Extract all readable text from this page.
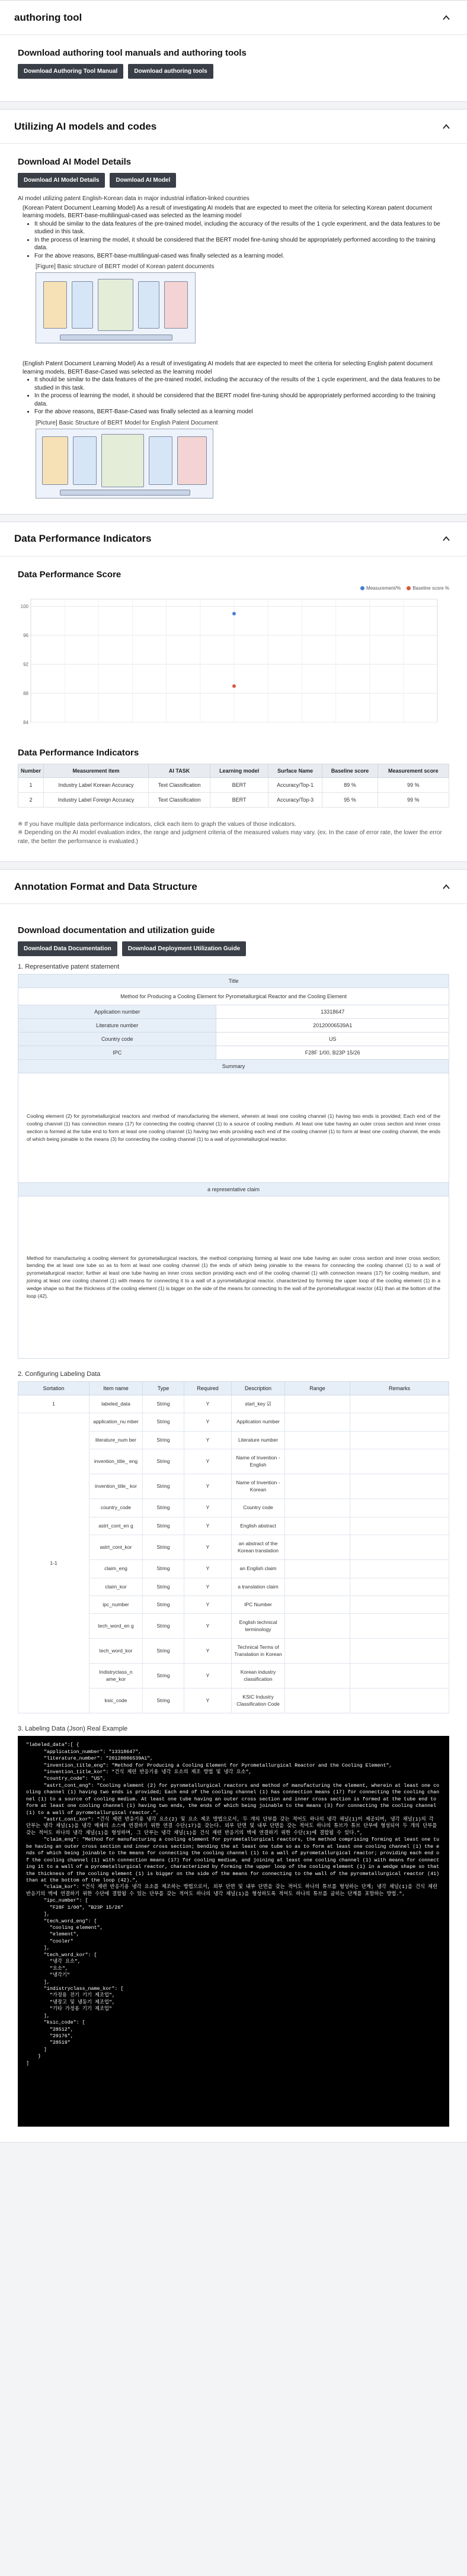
authoring tool
Download authoring tool manuals and authoring tools
Download Authoring Tool Manual	Download authoring tools
Utilizing AI models and codes
Download AI Model Details
Download AI Model Details	Download AI Model

AI model utilizing patent English-Korean data in major industrial inflation-linked countries

(Korean Patent Document Learning Model) As a result of investigating AI models that are expected to meet the criteria for selecting Korean patent document learning models, BERT-base-multilingual-cased was selected as the learning model
• It should be similar to the data features of the pre-trained model, including the accuracy of the results of the 1 cycle experiment, and the data features to be studied in this task.
• In the process of learning the model, it should be considered that the BERT model fine-tuning should be appropriately performed according to the training data.
• For the above reasons, BERT-base-multilingual-cased was finally selected as a learning model.

[Figure] Basic structure of BERT model of Korean patent documents

(English Patent Document Learning Model) As a result of investigating AI models that are expected to meet the criteria for selecting English patent document learning models, BERT-Base-Cased was selected as the learning model
• It should be similar to the data features of the pre-trained model, including the accuracy of the results of the 1 cycle experiment, and the data features to be studied in this task.
• In the process of learning the model, it should be considered that the BERT model fine-tuning should be appropriately performed according to the training data.
• For the above reasons, BERT-Base-Cased was finally selected as a learning model

[Picture] Basic Structure of BERT Model for English Patent Document

Data Performance Indicators
Data Performance Score
Measurement/%	Baseline score %
100
96
92
88
84
Data Performance Indicators
Number	Measurement item	AI TASK	Learning model	Surface Name	Baseline score	Measurement score
1	Industry Label Korean Accuracy	Text Classification	BERT	Accuracy/Top-1	89 %	99 %
2	Industry Label Foreign Accuracy	Text Classification	BERT	Accuracy/Top-3	95 %	99 %

※ If you have multiple data performance indicators, click each item to graph the values of those indicators.

※ Depending on the AI model evaluation index, the range and judgment criteria of the measured values may vary. (ex. In the case of error rate, the lower the error rate, the better the performance is evaluated.)

Annotation Format and Data Structure
Download documentation and utilization guide
Download Data Documentation	Download Deployment Utilization Guide

1. Representative patent statement

Title	
Method for Producing a Cooling Element for Pyrometallurgical Reactor and the Cooling Element	
Application number	13318647
Literature number	20120006539A1
Country code	US
IPC	F28F 1/00, B23P 15/26
Summary	
Cooling element (2) for pyrometallurgical reactors and method of manufacturing the element, wherein at least one cooling channel (1) having two ends is provided; Each end of the cooling channel (1) has connection means (17) for connecting the cooling channel (1) to a source of cooling medium. At least one tube having an outer cross section and inner cross section is formed at the tube end to form at least one cooling channel (1) having two ends providing each end of the cooling channel (1) to form at least one cooling channel, the ends of which being joinable to the means (3) for connecting the cooling channel (1) to a wall of pyrometallurgical reactor.	
a representative claim	
Method for manufacturing a cooling element for pyrometallurgical reactors, the method comprising forming at least one tube having an outer cross section and inner cross section; bending the at least one tube so as to form at least one cooling channel (1) the ends of which being joinable to the means for connecting the cooling channel (1) to a wall of pyrometallurgical reactor; further at least one tube having an inner cross section providing each end of the cooling channel (1) with connection means (17) for cooling medium, and joining at least one cooling channel (1) with means for connecting it to a wall of a pyrometallurgical reactor, characterized by forming the upper loop of the cooling element (1) in a wedge shape so that the thickness of the cooling element (1) is bigger on the side of the means for connecting to the wall of the pyrometallurgical reactor (41) than at the bottom of the loop (42).	

2. Configuring Labeling Data

Sortation	Item name	Type	Required	Description	Range	Remarks
1	labeled_data	String	Y	start_key ☑		
1-1	application_nu mber	String	Y	Application number		
	literature_num ber	String	Y	Literature number		
	invention_title_ eng	String	Y	Name of Invention - English		
	invention_title_ kor	String	Y	Name of Invention - Korean		
	country_code	String	Y	Country code		
	astrt_cont_en g	String	Y	English abstract		
	astrt_cont_kor	String	Y	an abstract of the Korean translation		
	claim_eng	String	Y	an English claim		
	claim_kor	String	Y	a translation claim		
	ipc_number	String	Y	IPC Number		
	tech_word_en g	String	Y	English technical terminology		
	tech_word_kor	String	Y	Technical Terms of Translation in Korean		
	Indistryclass_n ame_kor	String	Y	Korean industry classification		
	ksic_code	String	Y	KSIC Industry Classification Code		

3. Labeling Data (Json) Real Example

"labeled_data":[ {
"application_number": "13318647",
"literature_number": "20120006539A1",
"invention_title_eng": "Method for Producing a Cooling Element for Pyrometallurgical Reactor and the Cooling Element",
"invention_title_kor": "건식 제련 반응기용 냉각 요소의 제조 방법 및 냉각 요소",
"country_code": "US",
"astrt_cont_eng": "Cooling element (2) for pyrometallurgical reactors and method of manufacturing the element, wherein at least one cooling channel (1) having two ends is provided; Each end of the cooling channel (1) has connection means (17) for connecting the cooling channel (1) to a source of cooling medium. At least one tube having an outer cross section and inner cross section is formed at the tube end to form at least one cooling channel (1) having two ends, the ends of which being joinable to the means (3) for connecting the cooling channel (1) to a wall of pyrometallurgical reactor.",
"astrt_cont_kor": "건식 제련 반응기용 냉각 요소(2) 및 요소 제조 방법으로서, 두 개의 단부를 갖는 적어도 하나의 냉각 채널(1)이 제공되며, 냉각 채널(1)의 각 단부는 냉각 채널(1)을 냉각 매체의 소스에 연결하기 위한 연결 수단(17)을 갖는다. 외부 단면 및 내부 단면을 갖는 적어도 하나의 튜브가 튜브 단부에 형성되어 두 개의 단부를 갖는 적어도 하나의 냉각 채널(1)을 형성하며, 그 단부는 냉각 채널(1)을 건식 제련 반응기의 벽에 연결하기 위한 수단(3)에 결합될 수 있다.",
"claim_eng": "Method for manufacturing a cooling element for pyrometallurgical reactors, the method comprising forming at least one tube having an outer cross section and inner cross section; bending the at least one tube so as to form at least one cooling channel (1) the ends of which being joinable to the means for connecting the cooling channel (1) to a wall of pyrometallurgical reactor; providing each end of the cooling channel (1) with connection means (17) for cooling medium, and joining at least one cooling channel (1) with means for connecting it to a wall of a pyrometallurgical reactor, characterized by forming the upper loop of the cooling element (1) in a wedge shape so that the thickness of the cooling element (1) is bigger on the side of the means for connecting to the wall of the pyrometallurgical reactor (41) than at the bottom of the loop (42).",
"claim_kor": "건식 제련 반응기용 냉각 요소를 제조하는 방법으로서, 외부 단면 및 내부 단면을 갖는 적어도 하나의 튜브를 형성하는 단계; 냉각 채널(1)을 건식 제련 반응기의 벽에 연결하기 위한 수단에 결합될 수 있는 단부를 갖는 적어도 하나의 냉각 채널(1)을 형성하도록 적어도 하나의 튜브를 굽히는 단계를 포함하는 방법.",
"ipc_number": [
"F28F 1/00", "B23P 15/26"
],
"tech_word_eng": [
"cooling element",
"element",
"cooler"
],
"tech_word_kor": [
"냉각 요소",
"요소",
"냉각기"
],
"indistryclass_name_kor": [
"가정용 전기 기기 제조업",
"냉장고 및 냉동기 제조업",
"기타 가정용 기기 제조업"
],
"ksic_code": [
"28512",
"29176",
"28519"
]
}
]
